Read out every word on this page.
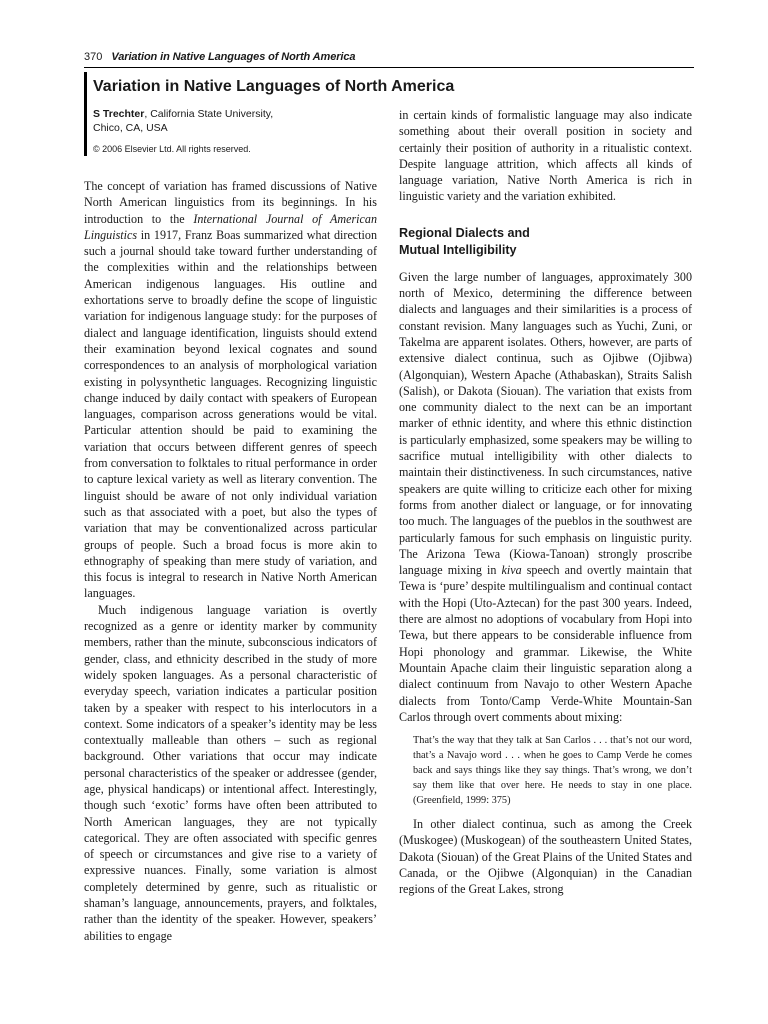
370 Variation in Native Languages of North America
Variation in Native Languages of North America
S Trechter, California State University,
Chico, CA, USA
© 2006 Elsevier Ltd. All rights reserved.

The concept of variation has framed discussions of Native North American linguistics from its beginnings. In his introduction to the International Journal of American Linguistics in 1917, Franz Boas summarized what direction such a journal should take toward further understanding of the complexities within and the relationships between American indigenous languages. His outline and exhortations serve to broadly define the scope of linguistic variation for indigenous language study: for the purposes of dialect and language identification, linguists should extend their examination beyond lexical cognates and sound correspondences to an analysis of morphological variation existing in polysynthetic languages. Recognizing linguistic change induced by daily contact with speakers of European languages, comparison across generations would be vital. Particular attention should be paid to examining the variation that occurs between different genres of speech from conversation to folktales to ritual performance in order to capture lexical variety as well as literary convention. The linguist should be aware of not only individual variation such as that associated with a poet, but also the types of variation that may be conventionalized across particular groups of people. Such a broad focus is more akin to ethnography of speaking than mere study of variation, and this focus is integral to research in Native North American languages.

Much indigenous language variation is overtly recognized as a genre or identity marker by community members, rather than the minute, subconscious indicators of gender, class, and ethnicity described in the study of more widely spoken languages. As a personal characteristic of everyday speech, variation indicates a particular position taken by a speaker with respect to his interlocutors in a context. Some indicators of a speaker’s identity may be less contextually malleable than others – such as regional background. Other variations that occur may indicate personal characteristics of the speaker or addressee (gender, age, physical handicaps) or intentional affect. Interestingly, though such ‘exotic’ forms have often been attributed to North American languages, they are not typically categorical. They are often associated with specific genres of speech or circumstances and give rise to a variety of expressive nuances. Finally, some variation is almost completely determined by genre, such as ritualistic or shaman’s language, announcements, prayers, and folktales, rather than the identity of the speaker. However, speakers’ abilities to engage

in certain kinds of formalistic language may also indicate something about their overall position in society and certainly their position of authority in a ritualistic context. Despite language attrition, which affects all kinds of language variation, Native North America is rich in linguistic variety and the variation exhibited.

Regional Dialects and
Mutual Intelligibility

Given the large number of languages, approximately 300 north of Mexico, determining the difference between dialects and languages and their similarities is a process of constant revision. Many languages such as Yuchi, Zuni, or Takelma are apparent isolates. Others, however, are parts of extensive dialect continua, such as Ojibwe (Ojibwa) (Algonquian), Western Apache (Athabaskan), Straits Salish (Salish), or Dakota (Siouan). The variation that exists from one community dialect to the next can be an important marker of ethnic identity, and where this ethnic distinction is particularly emphasized, some speakers may be willing to sacrifice mutual intelligibility with other dialects to maintain their distinctiveness. In such circumstances, native speakers are quite willing to criticize each other for mixing forms from another dialect or language, or for innovating too much. The languages of the pueblos in the southwest are particularly famous for such emphasis on linguistic purity. The Arizona Tewa (Kiowa-Tanoan) strongly proscribe language mixing in kiva speech and overtly maintain that Tewa is ‘pure’ despite multilingualism and continual contact with the Hopi (Uto-Aztecan) for the past 300 years. Indeed, there are almost no adoptions of vocabulary from Hopi into Tewa, but there appears to be considerable influence from Hopi phonology and grammar. Likewise, the White Mountain Apache claim their linguistic separation along a dialect continuum from Navajo to other Western Apache dialects from Tonto/Camp Verde-White Mountain-San Carlos through overt comments about mixing:

That’s the way that they talk at San Carlos . . . that’s not our word, that’s a Navajo word . . . when he goes to Camp Verde he comes back and says things like they say things. That’s wrong, we don’t say them like that over here. He needs to stay in one place. (Greenfield, 1999: 375)

In other dialect continua, such as among the Creek (Muskogee) (Muskogean) of the southeastern United States, Dakota (Siouan) of the Great Plains of the United States and Canada, or the Ojibwe (Algonquian) in the Canadian regions of the Great Lakes, strong
